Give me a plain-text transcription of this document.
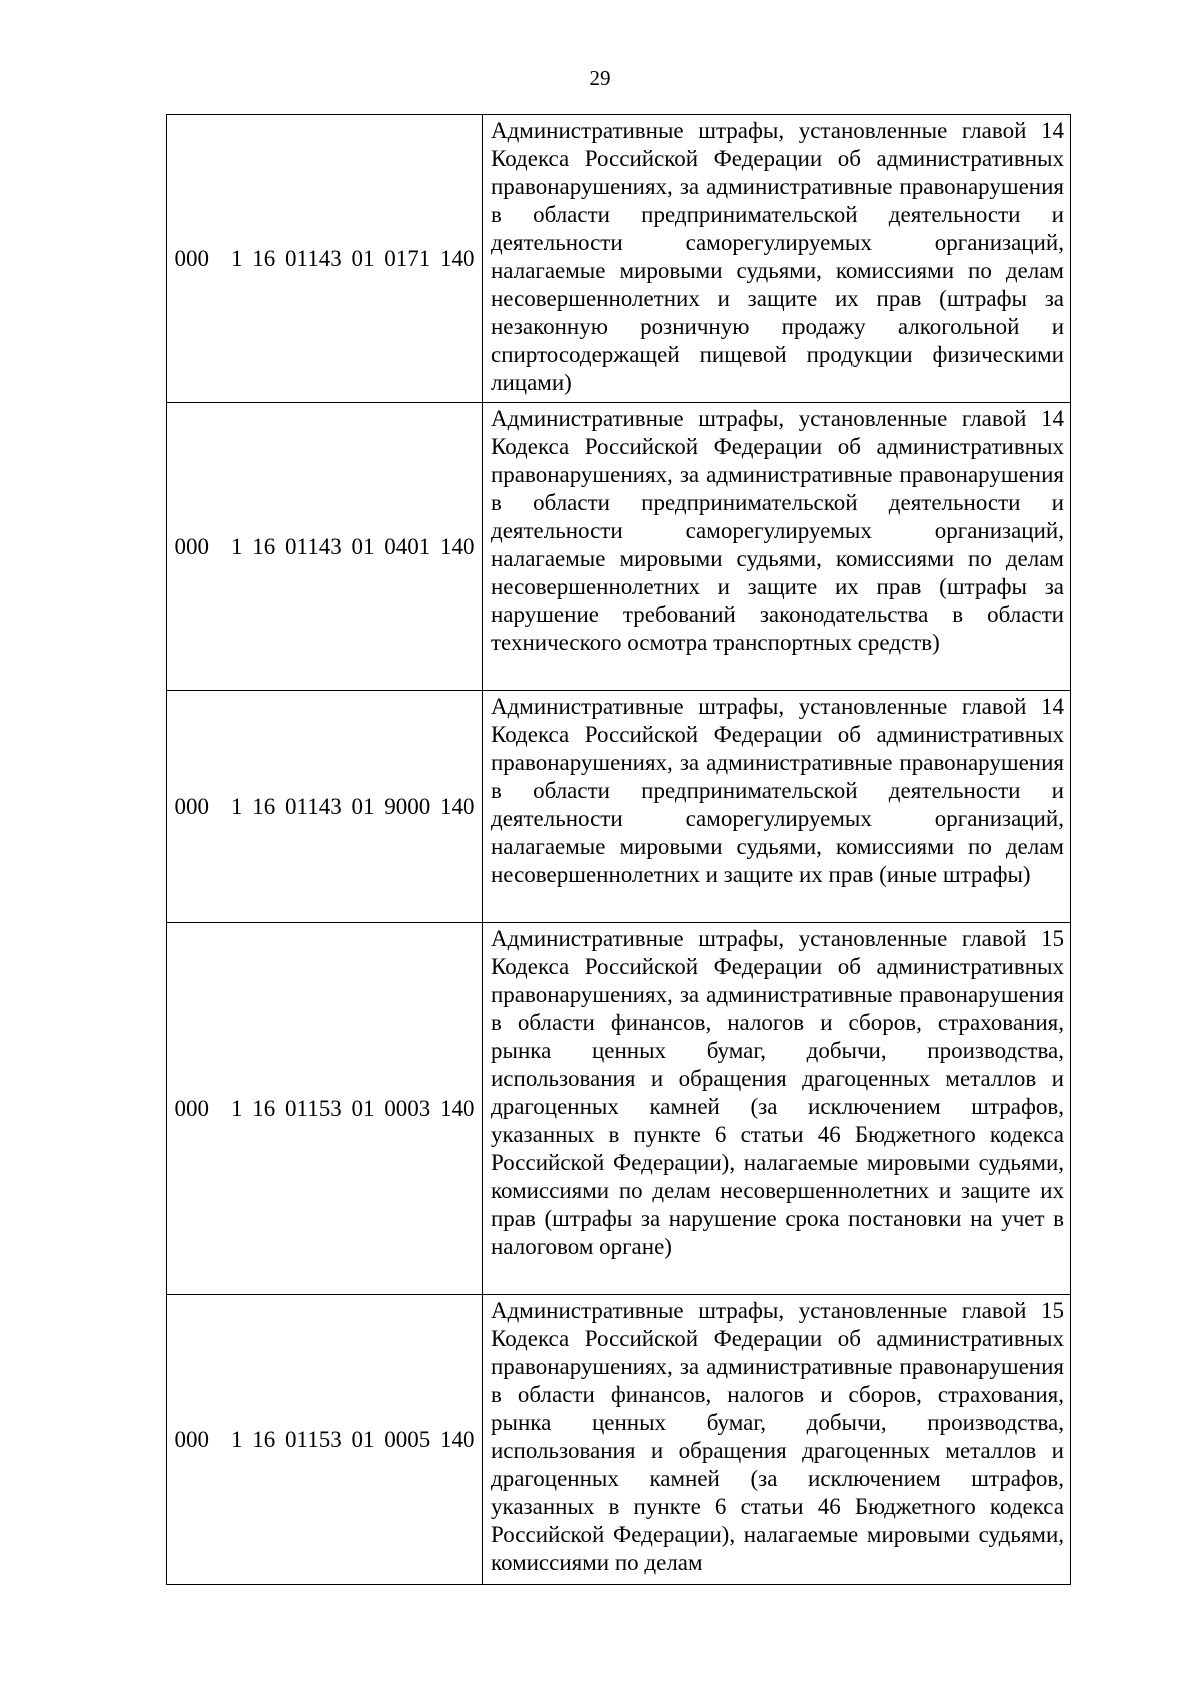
29
000 1 16 01143 01 0171 140	Административные штрафы, установленные главой 14 Кодекса Российской Федерации об административных правонарушениях, за административные правонарушения в области предпринимательской деятельности и деятельности саморегулируемых организаций, налагаемые мировыми судьями, комиссиями по делам несовершеннолетних и защите их прав (штрафы за незаконную розничную продажу алкогольной и спиртосодержащей пищевой продукции физическими лицами)

000 1 16 01143 01 0401 140	Административные штрафы, установленные главой 14 Кодекса Российской Федерации об административных правонарушениях, за административные правонарушения в области предпринимательской деятельности и деятельности саморегулируемых организаций, налагаемые мировыми судьями, комиссиями по делам несовершеннолетних и защите их прав (штрафы за нарушение требований законодательства в области технического осмотра транспортных средств)

000 1 16 01143 01 9000 140	Административные штрафы, установленные главой 14 Кодекса Российской Федерации об административных правонарушениях, за административные правонарушения в области предпринимательской деятельности и деятельности саморегулируемых организаций, налагаемые мировыми судьями, комиссиями по делам несовершеннолетних и защите их прав (иные штрафы)

000 1 16 01153 01 0003 140	Административные штрафы, установленные главой 15 Кодекса Российской Федерации об административных правонарушениях, за административные правонарушения в области финансов, налогов и сборов, страхования, рынка ценных бумаг, добычи, производства, использования и обращения драгоценных металлов и драгоценных камней (за исключением штрафов, указанных в пункте 6 статьи 46 Бюджетного кодекса Российской Федерации), налагаемые мировыми судьями, комиссиями по делам несовершеннолетних и защите их прав (штрафы за нарушение срока постановки на учет в налоговом органе)

000 1 16 01153 01 0005 140	Административные штрафы, установленные главой 15 Кодекса Российской Федерации об административных правонарушениях, за административные правонарушения в области финансов, налогов и сборов, страхования, рынка ценных бумаг, добычи, производства, использования и обращения драгоценных металлов и драгоценных камней (за исключением штрафов, указанных в пункте 6 статьи 46 Бюджетного кодекса Российской Федерации), налагаемые мировыми судьями, комиссиями по делам
